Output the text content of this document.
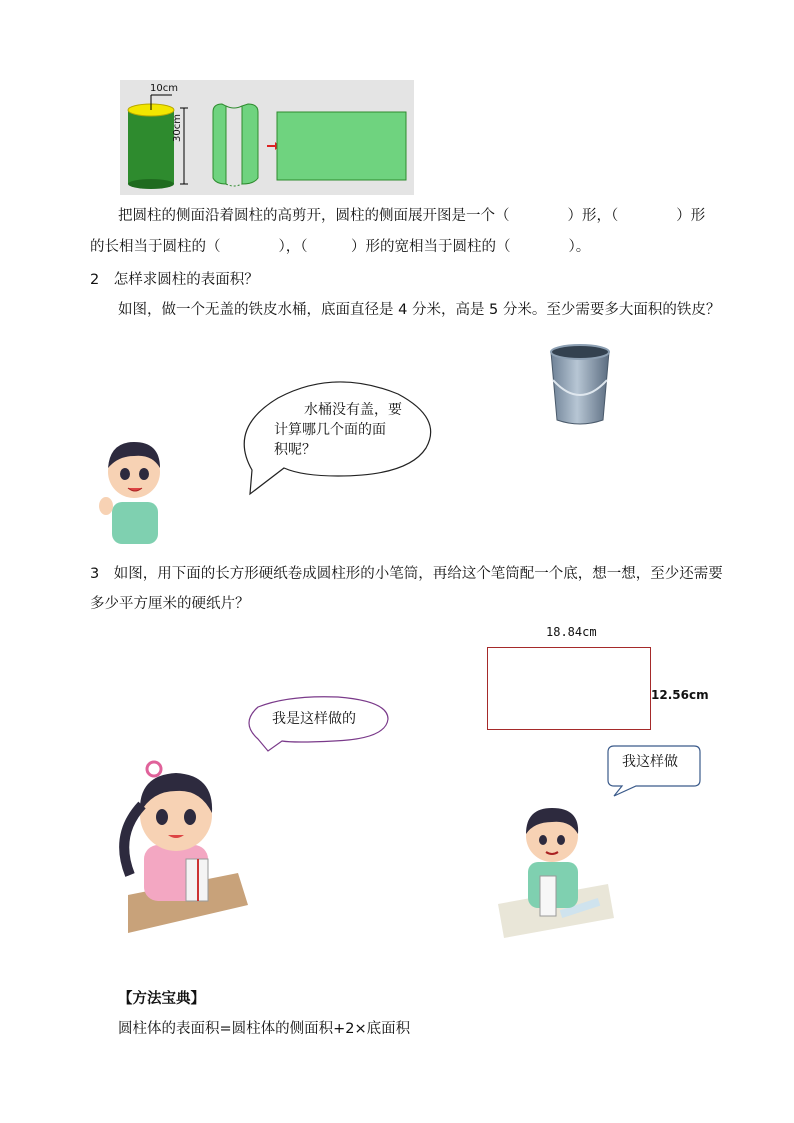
10cm
30cm
把圆柱的侧面沿着圆柱的高剪开，圆柱的侧面展开图是一个（　　　　）形，（　　　　）形
的长相当于圆柱的（　　　　），（　　　）形的宽相当于圆柱的（　　　　）。
2　怎样求圆柱的表面积？
如图，做一个无盖的铁皮水桶，底面直径是 4 分米，高是 5 分米。至少需要多大面积的铁皮？
水桶没有盖，要
计算哪几个面的面
积呢？
3　如图，用下面的长方形硬纸卷成圆柱形的小笔筒，再给这个笔筒配一个底，想一想，至少还需要
多少平方厘米的硬纸片？
18.84cm
12.56cm
我是这样做的
我这样做
【方法宝典】
圆柱体的表面积=圆柱体的侧面积+2×底面积
